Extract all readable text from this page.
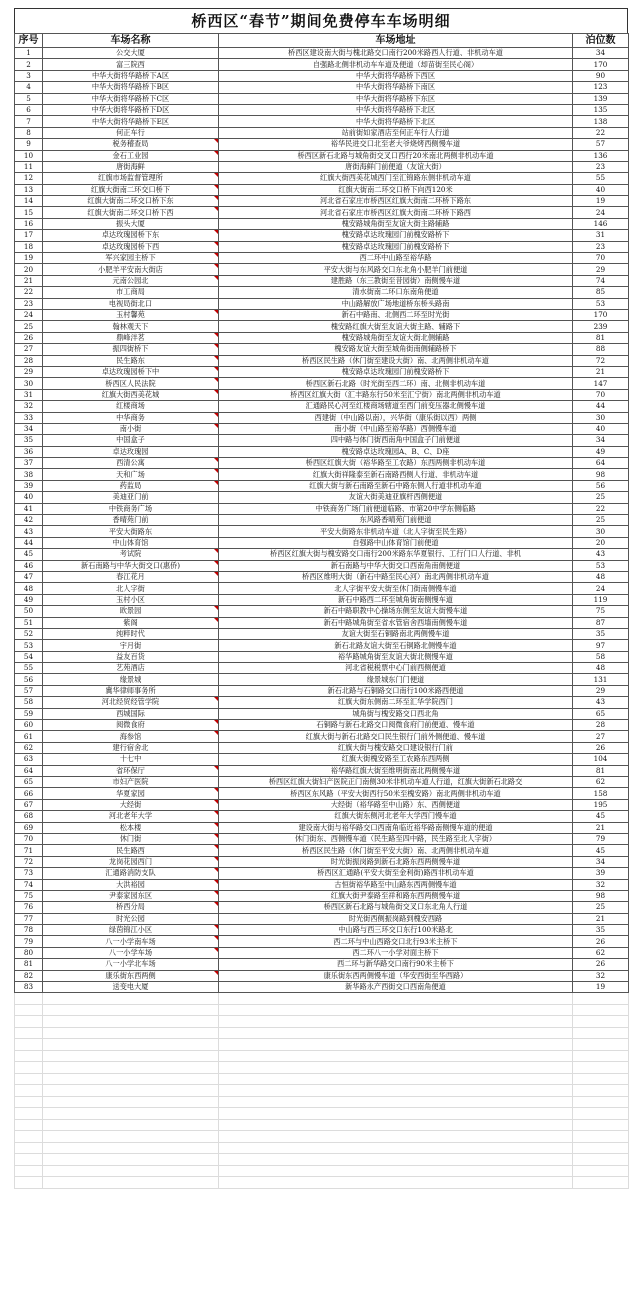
桥西区“春节”期间免费停车车场明细
序号	车场名称	车场地址	泊位数
1	公交大厦	桥西区建设南大街与槐北路交口南行200米路西人行道、非机动车道	34
2	富三院西	自强路北侧非机动车车道及便道（却苗街至民心阁）	170
3	中华大街将华路桥下A区	中华大街将华路桥下西区	90
4	中华大街将华路桥下B区	中华大街将华路桥下南区	123
5	中华大街将华路桥下C区	中华大街将华路桥下东区	139
6	中华大街将华路桥下D区	中华大街将华路桥下北区	135
7	中华大街将华路桥下E区	中华大街将华路桥下北区	138
8	何正车行	站前街如家酒店至何正车行人行道	22
9	税务稽查局	裕华民进交口北至老大爷烧烤西侧慢车道	57
10	金石工业园	桥西区新石北路与城角街交叉口西行20米南北两侧非机动车道	136
11	唐街海鲜	唐街海鲜门前便道（友谊大街）	23
12	红旗市场监督管理所	红旗大街西美花城西门至汇锦路东侧非机动车道	55
13	红旗大街南二环交口桥下	红旗大街南二环交口桥下向西120米	40
14	红旗大街南二环交口桥下东	河北省石家庄市桥西区红旗大街南二环桥下路东	19
15	红旗大街南二环交口桥下西	河北省石家庄市桥西区红旗大街南二环桥下路西	24
16	振头大厦	槐安路城角街至友谊大街主路辅路	146
17	卓达玫瑰园桥下东	槐安路卓达玫瑰园门前槐安路桥下	31
18	卓达玫瑰园桥下西	槐安路卓达玫瑰园门前槐安路桥下	23
19	军兴家园主桥下	西二环中山路至裕华路	70
20	小肥羊平安南大街店	平安大街与东风路交口东北角小肥羊门前便道	29
21	元南公园北	建胜路（东三教街至昔园街）南侧慢车道	74
22	市工商局	清水街南二环口东南角便道	85
23	电视局街北口	中山路解放广场地道桥东桥头路南	53
24	玉村馨苑	新石中路南、北侧西二环至时光街	170
25	翰林观天下	槐安路红旗大街至友谊大街主路、辅路下	239
26	鼎峰泮茗	槐安路城角街至友谊大街北侧辅路	81
27	振四街桥下	槐安路友谊大街至城角街南侧辅路桥下	88
28	民生路东	桥西区民生路（休门街至建设大街）南、北两侧非机动车道	72
29	卓达玫瑰园桥下中	槐安路卓达玫瑰园门前槐安路桥下	21
30	桥西区人民法院	桥西区新石北路（时光街至西二环）南、北侧非机动车道	147
31	红旗大街西美花城	桥西区红旗大街（汇丰路东行50米至汇宁街）南北两侧非机动车道	70
32	红楼商场	汇通路民心河至红楼商场辖道至西门前变压器北侧慢车道	44
33	中华商务	西建街（中山路以南），兴华街（康乐街以西）两侧	30
34	南小街	南小街（中山路至裕华路）西侧慢车道	40
35	中国盒子	四中路与体门街西南角中国盒子门前便道	34
36	卓达玫瑰园	槐安路卓达玫瑰园A、B、C、D座	49
37	西清公寓	桥西区红旗大街（裕华路至工农路）东西两侧非机动车道	64
38	天和广场	红旗大街祥隆泰至新石南路西侧人行道、非机动车道	98
39	药监局	红旗大街与新石南路至新石中路东侧人行道非机动车道	56
40	美迪亚门前	友谊大街美迪亚旗杆西侧便道	25
41	中铁商务广场	中铁商务广场门前便道临路、市第20中学东侧临路	22
42	香晴苑门前	东风路香晴苑门前便道	25
43	平安大街路东	平安大街路东非机动车道（北人字街至民生路）	30
44	中山体育馆	自强路中山体育馆门前便道	20
45	考试院	桥西区红旗大街与槐安路交口南行200米路东华夏银行、工行门口人行道、非机	43
46	新石南路与中华大街交口(惠侨)	新石南路与中华大街交口西南角南侧便道	53
47	春江花月	桥西区维明大街（新石中路至民心河）南北两侧非机动车道	48
48	北人字街	北人字街平安大街至休门街南侧慢车道	24
49	玉村小区	新石中路西二环至城角街南侧慢车道	119
50	欧景园	新石中路职教中心操场东侧至友谊大街慢车道	75
51	紫阁	新石中路城角街至省水管宿舍西墙南侧慢车道	87
52	纯粹时代	友谊大街至石铜路南北两侧慢车道	35
53	宇月街	新石北路友谊大街至石铜路北侧慢车道	97
54	益友百货	裕华路城角街至友谊大街北侧慢车道	58
55	艺苑酒店	河北省税税票中心门前西侧便道	48
56	缘景城	缘景城东门门便道	131
57	冀华律师事务所	新石北路与石铜路交口南行100米路西便道	29
58	河北经贸经管学院	红旗大街东侧南二环至汇华学院西门	43
59	西城国际	城角街与槐安路交口西北角	65
60	阅微食府	石铜路与新石北路交口阅微食府门前便道、慢车道	28
61	海参馆	红旗大街与新石北路交口民生银行门前外侧便道、慢车道	27
62	建行宿舍北	红旗大街与槐安路交口建设银行门前	26
63	十七中	红旗大街槐安路至工农路东西两侧	104
64	省环保厅	裕华路红旗大街至维明街南北两侧慢车道	81
65	市妇产医院	桥西区红旗大街妇产医院正门南侧30米非机动车道人行道，红旗大街新石北路交	62
66	华夏家园	桥西区东风路（平安大街西行50米至槐安路）南北两侧非机动车道	158
67	大经街	大经街（裕华路至中山路）东、西侧便道	195
68	河北老年大学	红旗大街东侧河北老年大学西门慢车道	45
69	松本楼	建设南大街与裕华路交口西南角临近裕华路南侧慢车道的便道	21
70	休门街	休门街东、西侧慢车道（民生路至四中路，民生路至北人字街）	79
71	民生路西	桥西区民生路（休门街至平安大街）南、北两侧非机动车道	45
72	龙岗花园西门	时光街振岗路到新石北路东西两侧慢车道	34
73	汇通路消防支队	桥西区汇通路(平安大街至金利街)路西非机动车道	39
74	大洪裕园	古恒街裕华路至中山路东西两侧慢车道	32
75	尹泰家园东区	红旗大街尹泰路至祥和路东西两侧慢车道	98
76	桥西分局	桥西区新石北路与城角街交叉口东北角人行道	25
77	时光公园	时光街西侧振岗路到槐安西路	21
78	绿茵锦江小区	中山路与西三环交口东行100米路北	35
79	八一小学南车场	西二环与中山西路交口北行93米主桥下	26
80	八一小学车场	西二环八一小学对面主桥下	62
81	八一小学北车场	西二环与新华路交口南行90米主桥下	26
82	康乐街东西两侧	康乐街东西两侧慢车道（华安西街至华西路）	32
83	送变电大厦	新华路永产西街交口西南角便道	19
